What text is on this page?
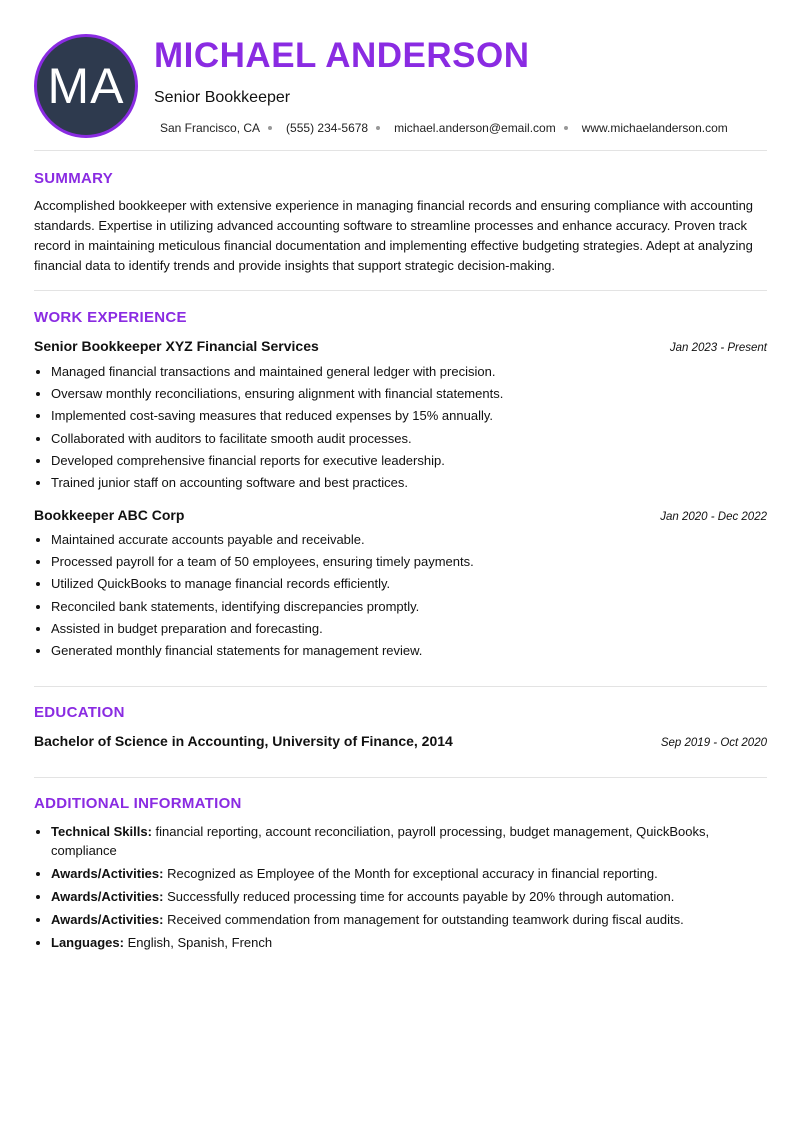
MA
MICHAEL ANDERSON
Senior Bookkeeper
San Francisco, CA (555) 234-5678 michael.anderson@email.com www.michaelanderson.com
SUMMARY

Accomplished bookkeeper with extensive experience in managing financial records and ensuring compliance with accounting standards. Expertise in utilizing advanced accounting software to streamline processes and enhance accuracy. Proven track record in maintaining meticulous financial documentation and implementing effective budgeting strategies. Adept at analyzing financial data to identify trends and provide insights that support strategic decision-making.

WORK EXPERIENCE
Senior Bookkeeper XYZ Financial Services	Jan 2023 - Present
• Managed financial transactions and maintained general ledger with precision.
• Oversaw monthly reconciliations, ensuring alignment with financial statements.
• Implemented cost-saving measures that reduced expenses by 15% annually.
• Collaborated with auditors to facilitate smooth audit processes.
• Developed comprehensive financial reports for executive leadership.
• Trained junior staff on accounting software and best practices.
Bookkeeper ABC Corp	Jan 2020 - Dec 2022
• Maintained accurate accounts payable and receivable.
• Processed payroll for a team of 50 employees, ensuring timely payments.
• Utilized QuickBooks to manage financial records efficiently.
• Reconciled bank statements, identifying discrepancies promptly.
• Assisted in budget preparation and forecasting.
• Generated monthly financial statements for management review.
EDUCATION
Bachelor of Science in Accounting, University of Finance, 2014	Sep 2019 - Oct 2020
ADDITIONAL INFORMATION
• Technical Skills: financial reporting, account reconciliation, payroll processing, budget management, QuickBooks, compliance
• Awards/Activities: Recognized as Employee of the Month for exceptional accuracy in financial reporting.
• Awards/Activities: Successfully reduced processing time for accounts payable by 20% through automation.
• Awards/Activities: Received commendation from management for outstanding teamwork during fiscal audits.
• Languages: English, Spanish, French
